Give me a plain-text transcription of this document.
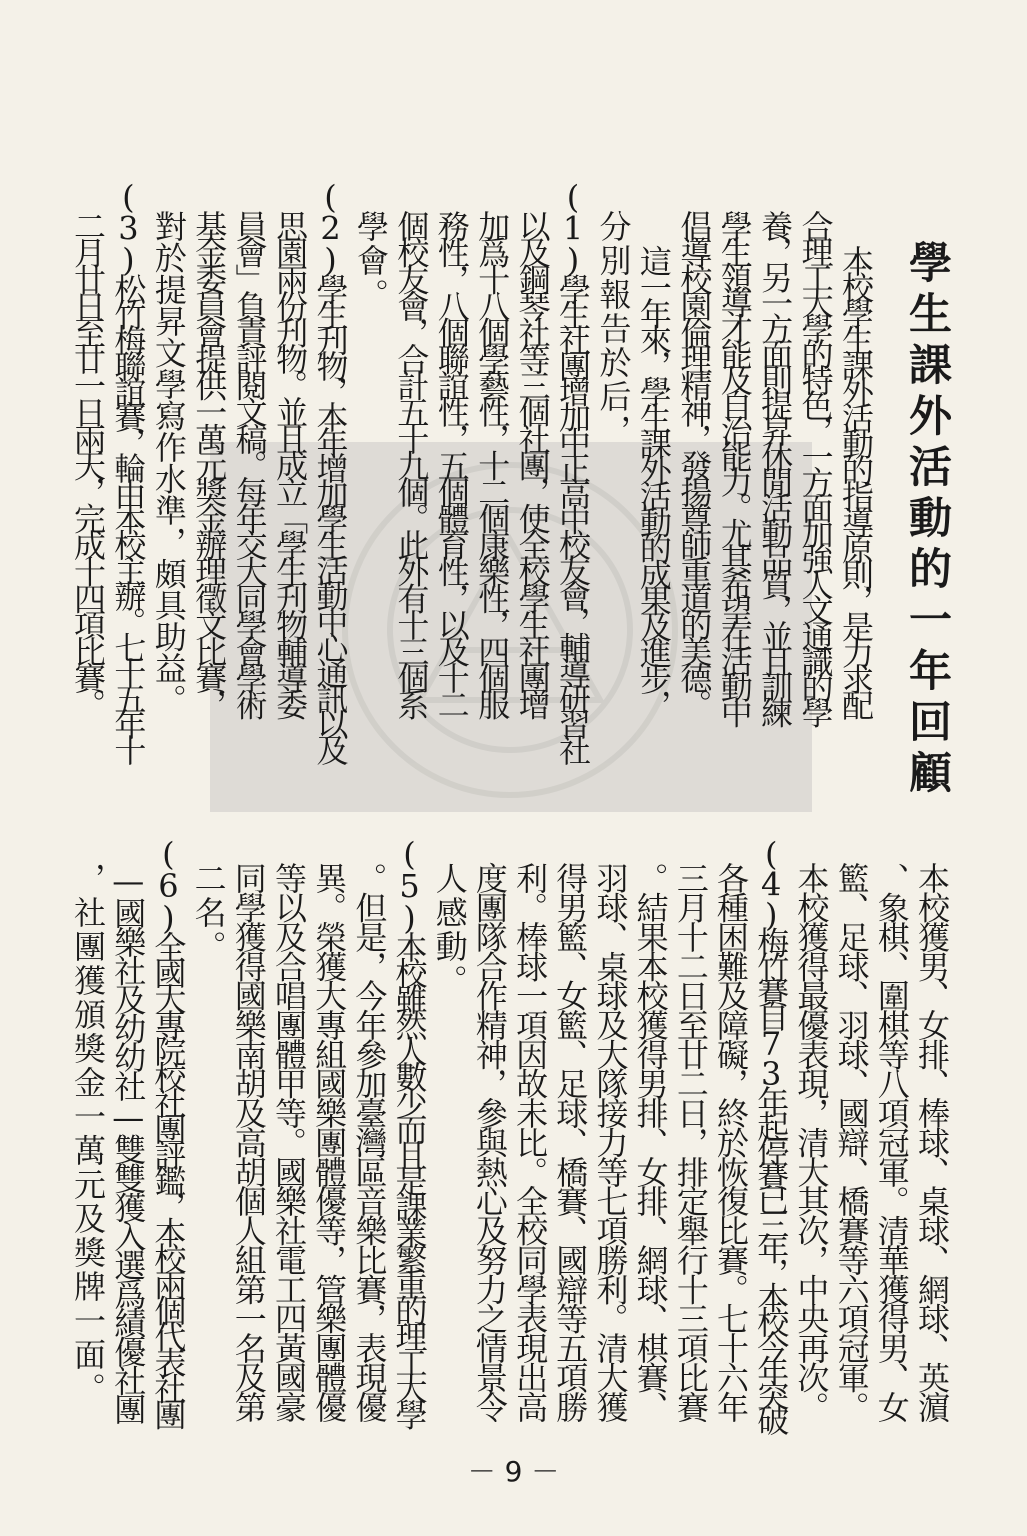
學生課外活動的一年回顧
本校學生課外活動的指導原則，是力求配
合理工大學的特色，一方面加強人文通識的學
養，另一方面則提昇休閒活動品質，並且訓練
學生領導才能及自治能力。尤其希望在活動中
倡導校園倫理精神，發揚尊師重道的美德。
這一年來，學生課外活動的成果及進步，
分別報告於后，
(1)學生社團增加中正高中校友會，輔導研習社
以及鋼琴社等三個社團，使全校學生社團增
加爲十八個學藝性，十二個康樂性，四個服
務性，八個聯誼性，五個體育性，以及十二
個校友會，合計五十九個。此外有十三個系
學會。
(2)學生刋物，本年增加學生活動中心通訊以及
思園兩份刋物。並且成立「學生刋物輔導委
員會」負責評閱文稿。每年交大同學會學術
基金委員會提供一萬元獎金辦理徵文比賽，
對於提昇文學寫作水準，頗具助益。
(3)松竹梅聯誼賽，輪由本校主辦。七十五年十
二月廿日至廿一日兩天，完成十四項比賽。
本校獲男、女排、棒球、桌球、網球、英濵
、象棋、圍棋等八項冠軍。清華獲得男、女
籃、足球、羽球、國辯、橋賽等六項冠軍。
本校獲得最優表現，清大其次，中央再次。
(4)梅竹賽自73年起停賽已三年，本校今年突破
各種困難及障礙，終於恢復比賽。七十六年
三月十二日至廿二日，排定舉行十三項比賽
。結果本校獲得男排、女排、網球、棋賽、
羽球、桌球及大隊接力等七項勝利。清大獲
得男籃、女籃、足球、橋賽、國辯等五項勝
利。棒球一項因故未比。全校同學表現出高
度團隊合作精神，參與熱心及努力之情景令
人感動。
(5)本校雖然人數少而且是課業繁重的理工大學
。但是，今年參加臺灣區音樂比賽，表現優
異。榮獲大專組國樂團體優等，管樂團體優
等以及合唱團體甲等。國樂社電工四黃國豪
同學獲得國樂南胡及高胡個人組第一名及第
二名。
(6)全國大專院校社團評鑑，本校兩個代表社團
—國樂社及幼幼社—雙雙獲入選爲績優社團
，社團獲頒獎金一萬元及獎牌一面。
－ 9 －
